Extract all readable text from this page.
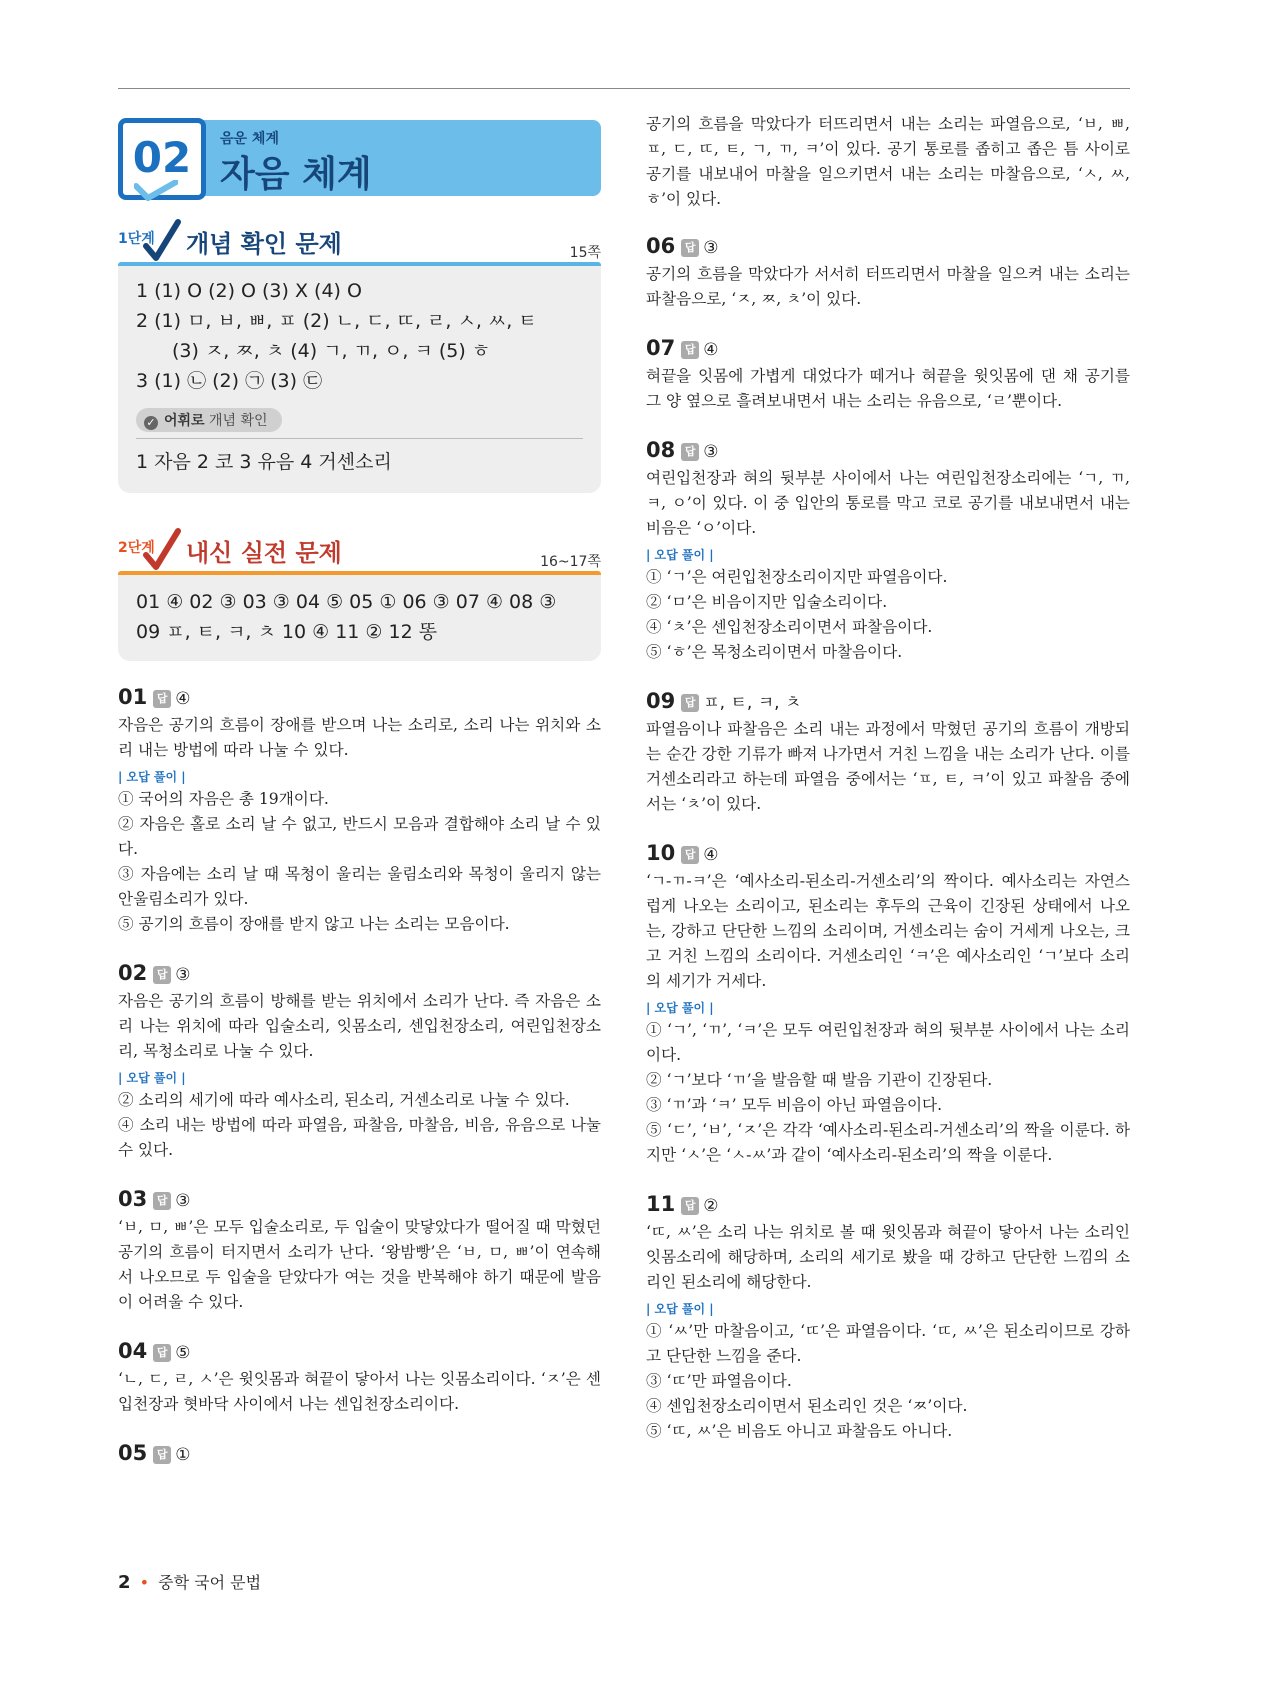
02	음운 체계
자음 체계
1단계 개념 확인 문제	15쪽
1 (1) O (2) O (3) X (4) O
2 (1) ㅁ, ㅂ, ㅃ, ㅍ (2) ㄴ, ㄷ, ㄸ, ㄹ, ㅅ, ㅆ, ㅌ
(3) ㅈ, ㅉ, ㅊ (4) ㄱ, ㄲ, ㅇ, ㅋ (5) ㅎ
3 (1) ㉡ (2) ㉠ (3) ㉢
✓ 어휘로 개념 확인
1 자음 2 코 3 유음 4 거센소리
2단계 내신 실전 문제	16~17쪽
01 ④ 02 ③ 03 ③ 04 ⑤ 05 ① 06 ③ 07 ④ 08 ③
09 ㅍ, ㅌ, ㅋ, ㅊ 10 ④ 11 ② 12 똥
01 답 ④
자음은 공기의 흐름이 장애를 받으며 나는 소리로, 소리 나는 위치와 소리 내는 방법에 따라 나눌 수 있다.
| 오답 풀이 |
① 국어의 자음은 총 19개이다.
② 자음은 홀로 소리 날 수 없고, 반드시 모음과 결합해야 소리 날 수 있다.
③ 자음에는 소리 날 때 목청이 울리는 울림소리와 목청이 울리지 않는 안울림소리가 있다.
⑤ 공기의 흐름이 장애를 받지 않고 나는 소리는 모음이다.
02 답 ③
자음은 공기의 흐름이 방해를 받는 위치에서 소리가 난다. 즉 자음은 소리 나는 위치에 따라 입술소리, 잇몸소리, 센입천장소리, 여린입천장소리, 목청소리로 나눌 수 있다.
| 오답 풀이 |
② 소리의 세기에 따라 예사소리, 된소리, 거센소리로 나눌 수 있다.
④ 소리 내는 방법에 따라 파열음, 파찰음, 마찰음, 비음, 유음으로 나눌 수 있다.
03 답 ③
‘ㅂ, ㅁ, ㅃ’은 모두 입술소리로, 두 입술이 맞닿았다가 떨어질 때 막혔던 공기의 흐름이 터지면서 소리가 난다. ‘왕밤빵’은 ‘ㅂ, ㅁ, ㅃ’이 연속해서 나오므로 두 입술을 닫았다가 여는 것을 반복해야 하기 때문에 발음이 어려울 수 있다.
04 답 ⑤
‘ㄴ, ㄷ, ㄹ, ㅅ’은 윗잇몸과 혀끝이 닿아서 나는 잇몸소리이다. ‘ㅈ’은 센입천장과 혓바닥 사이에서 나는 센입천장소리이다.
05 답 ①
공기의 흐름을 막았다가 터뜨리면서 내는 소리는 파열음으로, ‘ㅂ, ㅃ, ㅍ, ㄷ, ㄸ, ㅌ, ㄱ, ㄲ, ㅋ’이 있다. 공기 통로를 좁히고 좁은 틈 사이로 공기를 내보내어 마찰을 일으키면서 내는 소리는 마찰음으로, ‘ㅅ, ㅆ, ㅎ’이 있다.
06 답 ③
공기의 흐름을 막았다가 서서히 터뜨리면서 마찰을 일으켜 내는 소리는 파찰음으로, ‘ㅈ, ㅉ, ㅊ’이 있다.
07 답 ④
혀끝을 잇몸에 가볍게 대었다가 떼거나 혀끝을 윗잇몸에 댄 채 공기를 그 양 옆으로 흘려보내면서 내는 소리는 유음으로, ‘ㄹ’뿐이다.
08 답 ③
여린입천장과 혀의 뒷부분 사이에서 나는 여린입천장소리에는 ‘ㄱ, ㄲ, ㅋ, ㅇ’이 있다. 이 중 입안의 통로를 막고 코로 공기를 내보내면서 내는 비음은 ‘ㅇ’이다.
| 오답 풀이 |
① ‘ㄱ’은 여린입천장소리이지만 파열음이다.
② ‘ㅁ’은 비음이지만 입술소리이다.
④ ‘ㅊ’은 센입천장소리이면서 파찰음이다.
⑤ ‘ㅎ’은 목청소리이면서 마찰음이다.
09 답 ㅍ, ㅌ, ㅋ, ㅊ
파열음이나 파찰음은 소리 내는 과정에서 막혔던 공기의 흐름이 개방되는 순간 강한 기류가 빠져 나가면서 거친 느낌을 내는 소리가 난다. 이를 거센소리라고 하는데 파열음 중에서는 ‘ㅍ, ㅌ, ㅋ’이 있고 파찰음 중에서는 ‘ㅊ’이 있다.
10 답 ④
‘ㄱ-ㄲ-ㅋ’은 ‘예사소리-된소리-거센소리’의 짝이다. 예사소리는 자연스럽게 나오는 소리이고, 된소리는 후두의 근육이 긴장된 상태에서 나오는, 강하고 단단한 느낌의 소리이며, 거센소리는 숨이 거세게 나오는, 크고 거친 느낌의 소리이다. 거센소리인 ‘ㅋ’은 예사소리인 ‘ㄱ’보다 소리의 세기가 거세다.
| 오답 풀이 |
① ‘ㄱ’, ‘ㄲ’, ‘ㅋ’은 모두 여린입천장과 혀의 뒷부분 사이에서 나는 소리이다.
② ‘ㄱ’보다 ‘ㄲ’을 발음할 때 발음 기관이 긴장된다.
③ ‘ㄲ’과 ‘ㅋ’ 모두 비음이 아닌 파열음이다.
⑤ ‘ㄷ’, ‘ㅂ’, ‘ㅈ’은 각각 ‘예사소리-된소리-거센소리’의 짝을 이룬다. 하지만 ‘ㅅ’은 ‘ㅅ-ㅆ’과 같이 ‘예사소리-된소리’의 짝을 이룬다.
11 답 ②
‘ㄸ, ㅆ’은 소리 나는 위치로 볼 때 윗잇몸과 혀끝이 닿아서 나는 소리인 잇몸소리에 해당하며, 소리의 세기로 봤을 때 강하고 단단한 느낌의 소리인 된소리에 해당한다.
| 오답 풀이 |
① ‘ㅆ’만 마찰음이고, ‘ㄸ’은 파열음이다. ‘ㄸ, ㅆ’은 된소리이므로 강하고 단단한 느낌을 준다.
③ ‘ㄸ’만 파열음이다.
④ 센입천장소리이면서 된소리인 것은 ‘ㅉ’이다.
⑤ ‘ㄸ, ㅆ’은 비음도 아니고 파찰음도 아니다.
2 • 중학 국어 문법
